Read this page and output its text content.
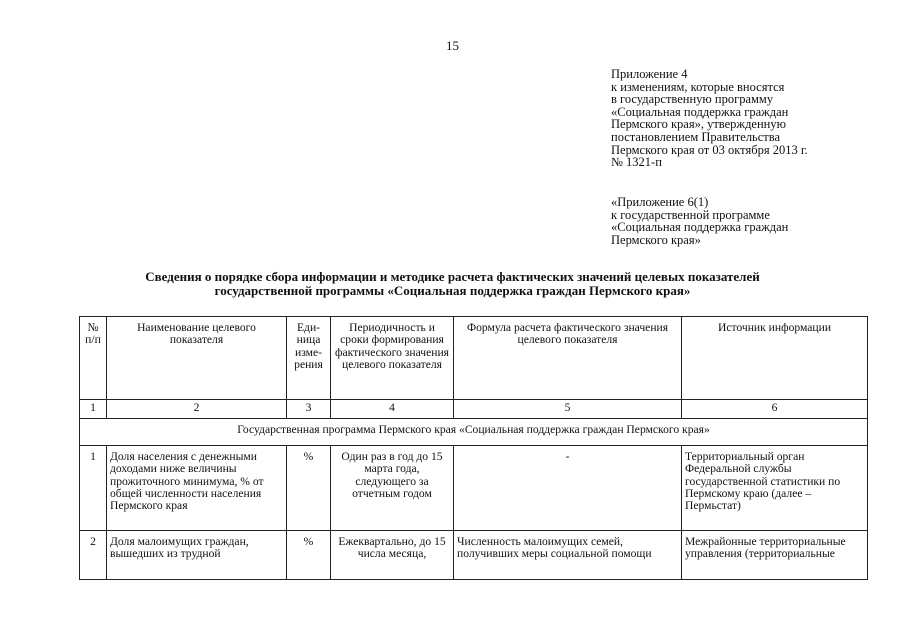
15
Приложение 4
к изменениям, которые вносятся
в государственную программу
«Социальная поддержка граждан
Пермского края», утвержденную
постановлением Правительства
Пермского края от 03 октября 2013 г.
№ 1321-п
«Приложение 6(1)
к государственной программе
«Социальная поддержка граждан
Пермского края»
Сведения о порядке сбора информации и методике расчета фактических значений целевых показателей
государственной программы «Социальная поддержка граждан Пермского края»
№ п/п	Наименование целевого показателя	Еди-ница изме-рения	Периодичность и сроки формирования фактического значения целевого показателя	Формула расчета фактического значения целевого показателя	Источник информации
1	2	3	4	5	6
Государственная программа Пермского края «Социальная поддержка граждан Пермского края»					
1	Доля населения с денежными доходами ниже величины прожиточного минимума, % от общей численности населения Пермского края	%	Один раз в год до 15 марта года, следующего за отчетным годом	-	Территориальный орган Федеральной службы государственной статистики по Пермскому краю (далее – Пермьстат)
2	Доля малоимущих граждан, вышедших из трудной	%	Ежеквартально, до 15 числа месяца,	Численность малоимущих семей, получивших меры социальной помощи	Межрайонные территориальные управления (территориальные
